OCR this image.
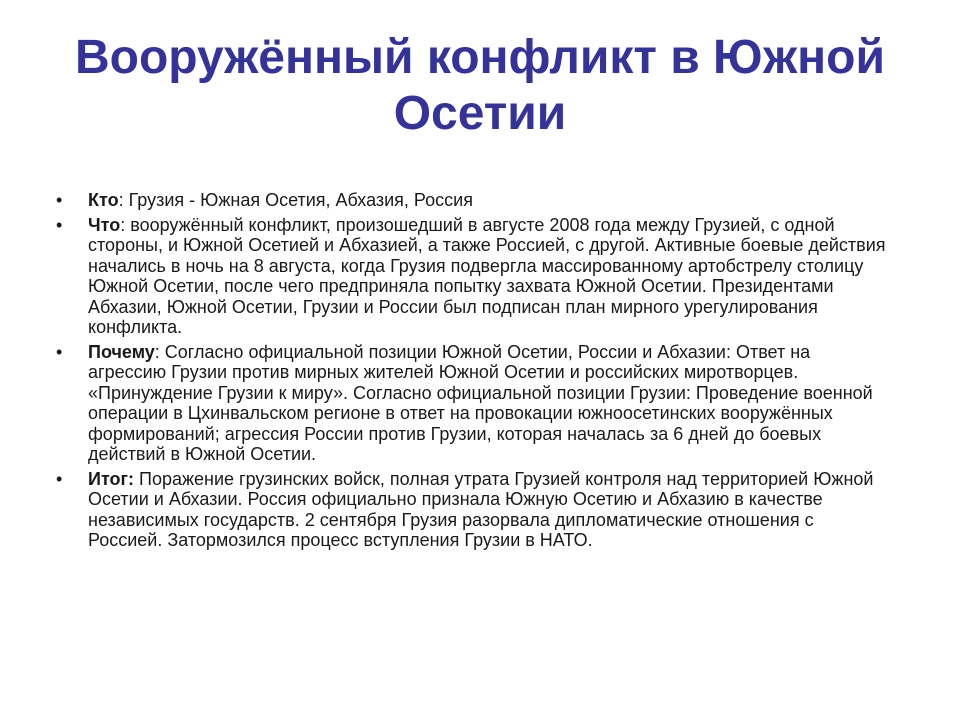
Вооружённый конфликт в Южной Осетии
• Кто: Грузия - Южная Осетия, Абхазия, Россия
• Что: вооружённый конфликт, произошедший в августе 2008 года между Грузией, с одной стороны, и Южной Осетией и Абхазией, а также Россией, с другой. Активные боевые действия начались в ночь на 8 августа, когда Грузия подвергла массированному артобстрелу столицу Южной Осетии, после чего предприняла попытку захвата Южной Осетии. Президентами Абхазии, Южной Осетии, Грузии и России был подписан план мирного урегулирования конфликта.
• Почему: Согласно официальной позиции Южной Осетии, России и Абхазии: Ответ на агрессию Грузии против мирных жителей Южной Осетии и российских миротворцев. «Принуждение Грузии к миру». Согласно официальной позиции Грузии: Проведение военной операции в Цхинвальском регионе в ответ на провокации южноосетинских вооружённых формирований; агрессия России против Грузии, которая началась за 6 дней до боевых действий в Южной Осетии.
• Итог: Поражение грузинских войск, полная утрата Грузией контроля над территорией Южной Осетии и Абхазии. Россия официально признала Южную Осетию и Абхазию в качестве независимых государств. 2 сентября Грузия разорвала дипломатические отношения с Россией. Затормозился процесс вступления Грузии в НАТО.
